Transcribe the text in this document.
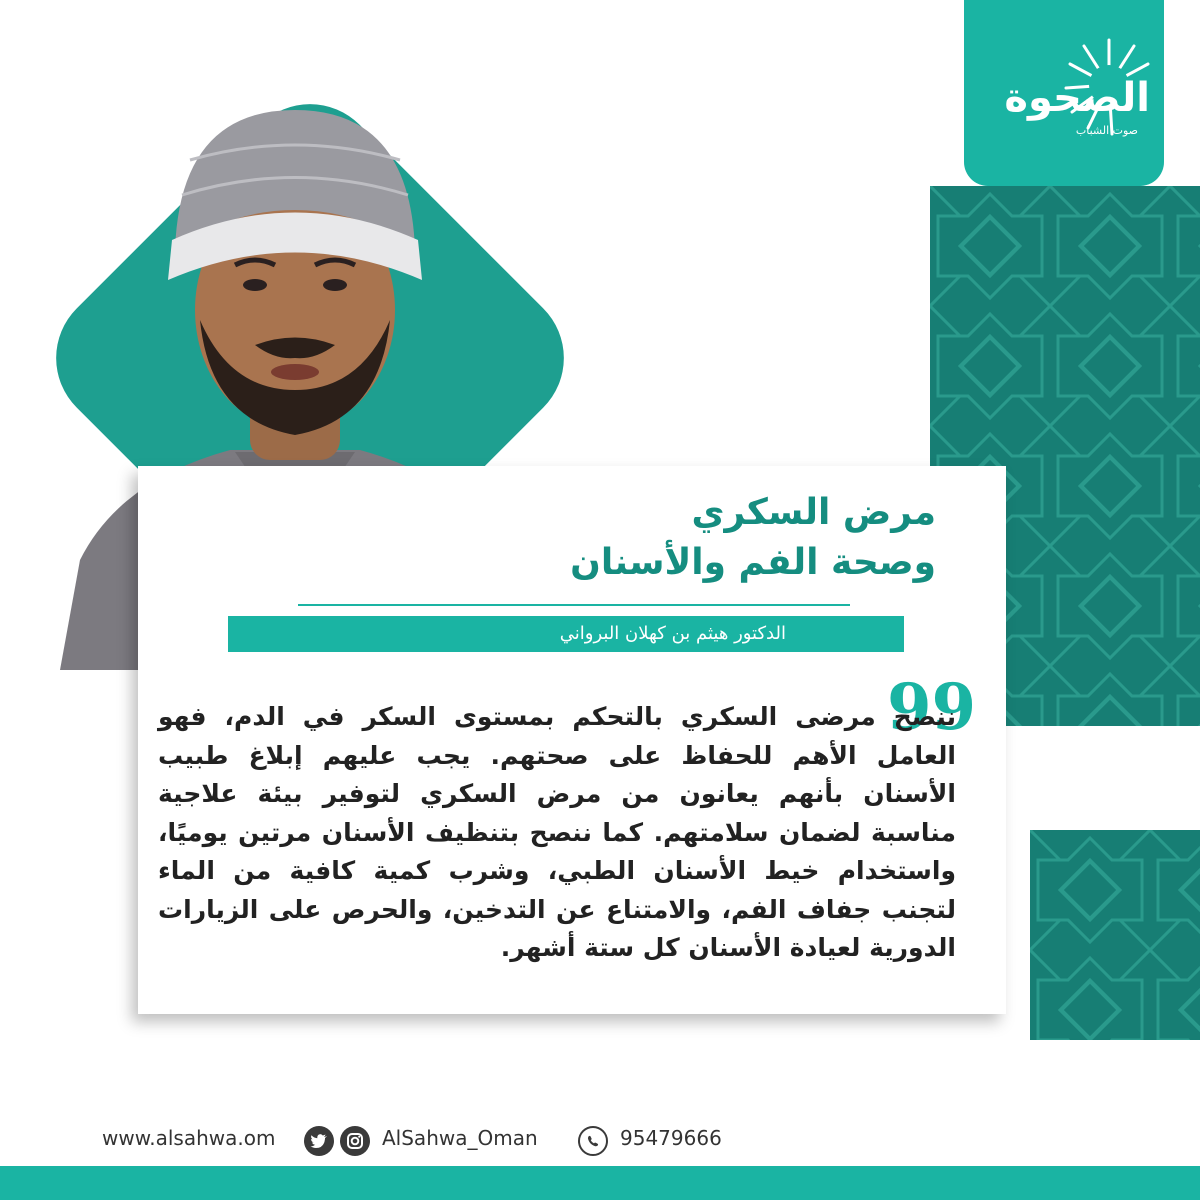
الصحوة
صوت الشباب
مرض السكري
وصحة الفم والأسنان
الدكتور هيثم بن كهلان البرواني
99

ننصح مرضى السكري بالتحكم بمستوى السكر في الدم، فهو العامل الأهم للحفاظ على صحتهم. يجب عليهم إبلاغ طبيب الأسنان بأنهم يعانون من مرض السكري لتوفير بيئة علاجية مناسبة لضمان سلامتهم. كما ننصح بتنظيف الأسنان مرتين يوميًا، واستخدام خيط الأسنان الطبي، وشرب كمية كافية من الماء لتجنب جفاف الفم، والامتناع عن التدخين، والحرص على الزيارات الدورية لعيادة الأسنان كل ستة أشهر.

www.alsahwa.om	AlSahwa_Oman	95479666
